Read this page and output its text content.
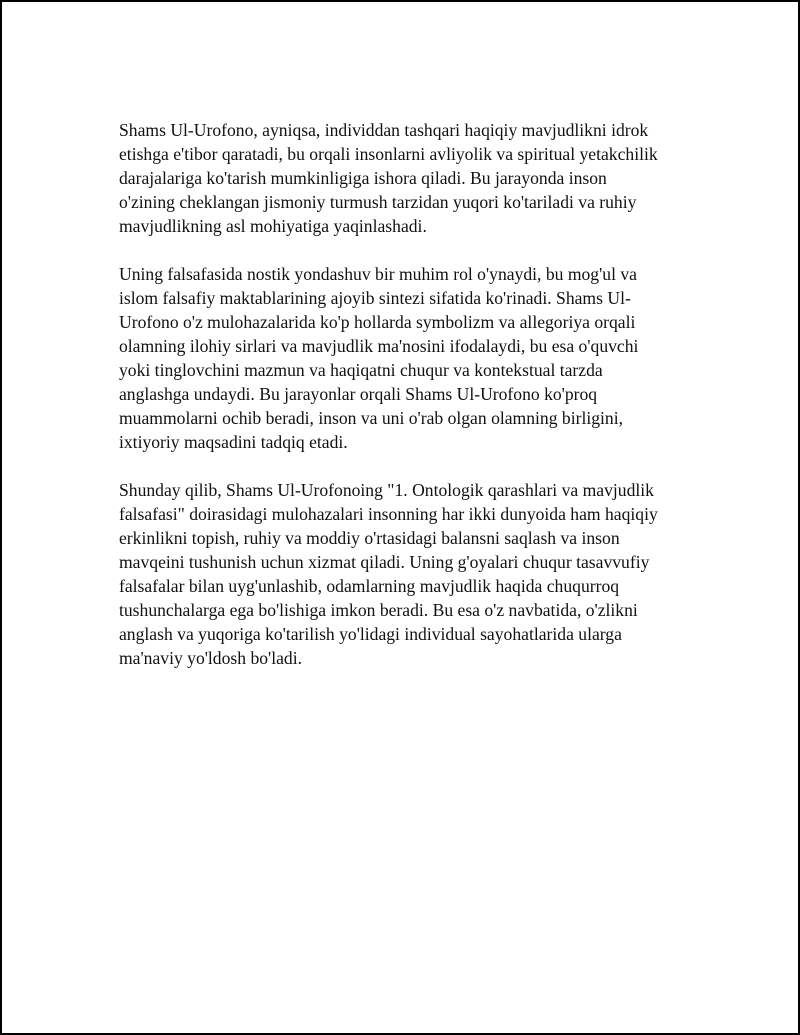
Shams Ul-Urofono, ayniqsa, individdan tashqari haqiqiy mavjudlikni idrok
etishga e'tibor qaratadi, bu orqali insonlarni avliyolik va spiritual yetakchilik
darajalariga ko'tarish mumkinligiga ishora qiladi. Bu jarayonda inson
o'zining cheklangan jismoniy turmush tarzidan yuqori ko'tariladi va ruhiy
mavjudlikning asl mohiyatiga yaqinlashadi.

Uning falsafasida nostik yondashuv bir muhim rol o'ynaydi, bu mog'ul va
islom falsafiy maktablarining ajoyib sintezi sifatida ko'rinadi. Shams Ul-
Urofono o'z mulohazalarida ko'p hollarda symbolizm va allegoriya orqali
olamning ilohiy sirlari va mavjudlik ma'nosini ifodalaydi, bu esa o'quvchi
yoki tinglovchini mazmun va haqiqatni chuqur va kontekstual tarzda
anglashga undaydi. Bu jarayonlar orqali Shams Ul-Urofono ko'proq
muammolarni ochib beradi, inson va uni o'rab olgan olamning birligini,
ixtiyoriy maqsadini tadqiq etadi.

Shunday qilib, Shams Ul-Urofonoing "1. Ontologik qarashlari va mavjudlik
falsafasi" doirasidagi mulohazalari insonning har ikki dunyoida ham haqiqiy
erkinlikni topish, ruhiy va moddiy o'rtasidagi balansni saqlash va inson
mavqeini tushunish uchun xizmat qiladi. Uning g'oyalari chuqur tasavvufiy
falsafalar bilan uyg'unlashib, odamlarning mavjudlik haqida chuqurroq
tushunchalarga ega bo'lishiga imkon beradi. Bu esa o'z navbatida, o'zlikni
anglash va yuqoriga ko'tarilish yo'lidagi individual sayohatlarida ularga
ma'naviy yo'ldosh bo'ladi.
